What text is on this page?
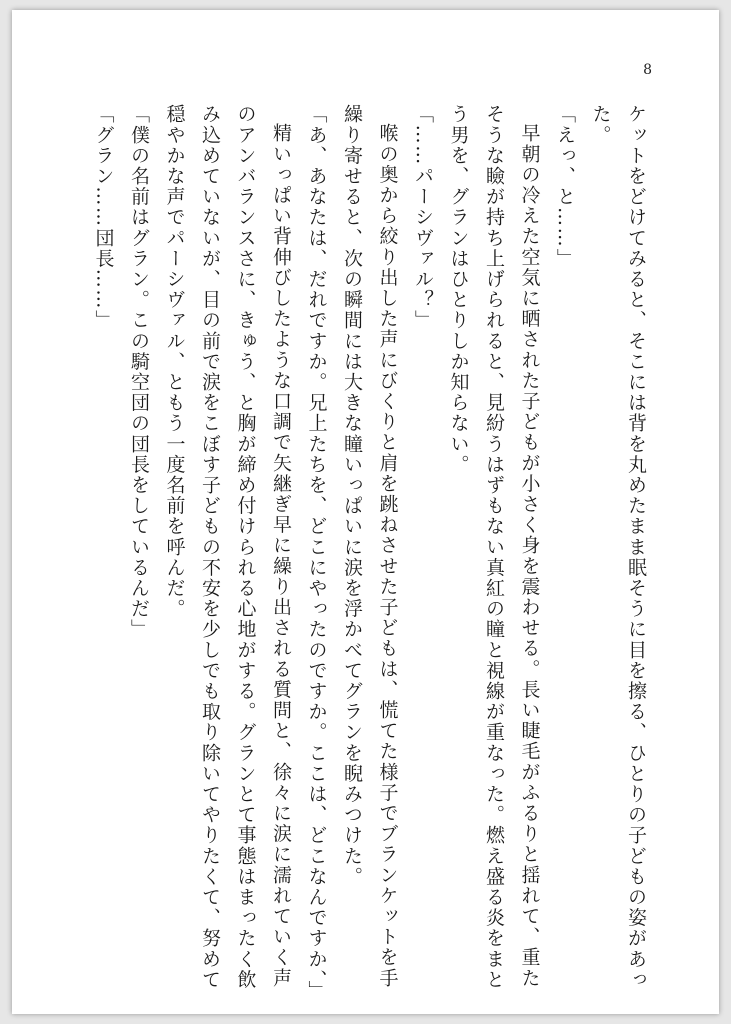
8

ケットをどけてみると、そこには背を丸めたまま眠そうに目を擦る、ひとりの子どもの姿があった。

「えっ、と……」

早朝の冷えた空気に晒された子どもが小さく身を震わせる。長い睫毛がふるりと揺れて、重たそうな瞼が持ち上げられると、見紛うはずもない真紅の瞳と視線が重なった。燃え盛る炎をまとう男を、グランはひとりしか知らない。

「……パーシヴァル？」

喉の奥から絞り出した声にびくりと肩を跳ねさせた子どもは、慌てた様子でブランケットを手繰り寄せると、次の瞬間には大きな瞳いっぱいに涙を浮かべてグランを睨みつけた。

「あ、あなたは、だれですか。兄上たちを、どこにやったのですか。ここは、どこなんですか、」

精いっぱい背伸びしたような口調で矢継ぎ早に繰り出される質問と、徐々に涙に濡れていく声のアンバランスさに、きゅう、と胸が締め付けられる心地がする。グランとて事態はまったく飲み込めていないが、目の前で涙をこぼす子どもの不安を少しでも取り除いてやりたくて、努めて穏やかな声でパーシヴァル、ともう一度名前を呼んだ。

「僕の名前はグラン。この騎空団の団長をしているんだ」

「グラン……団長……」
